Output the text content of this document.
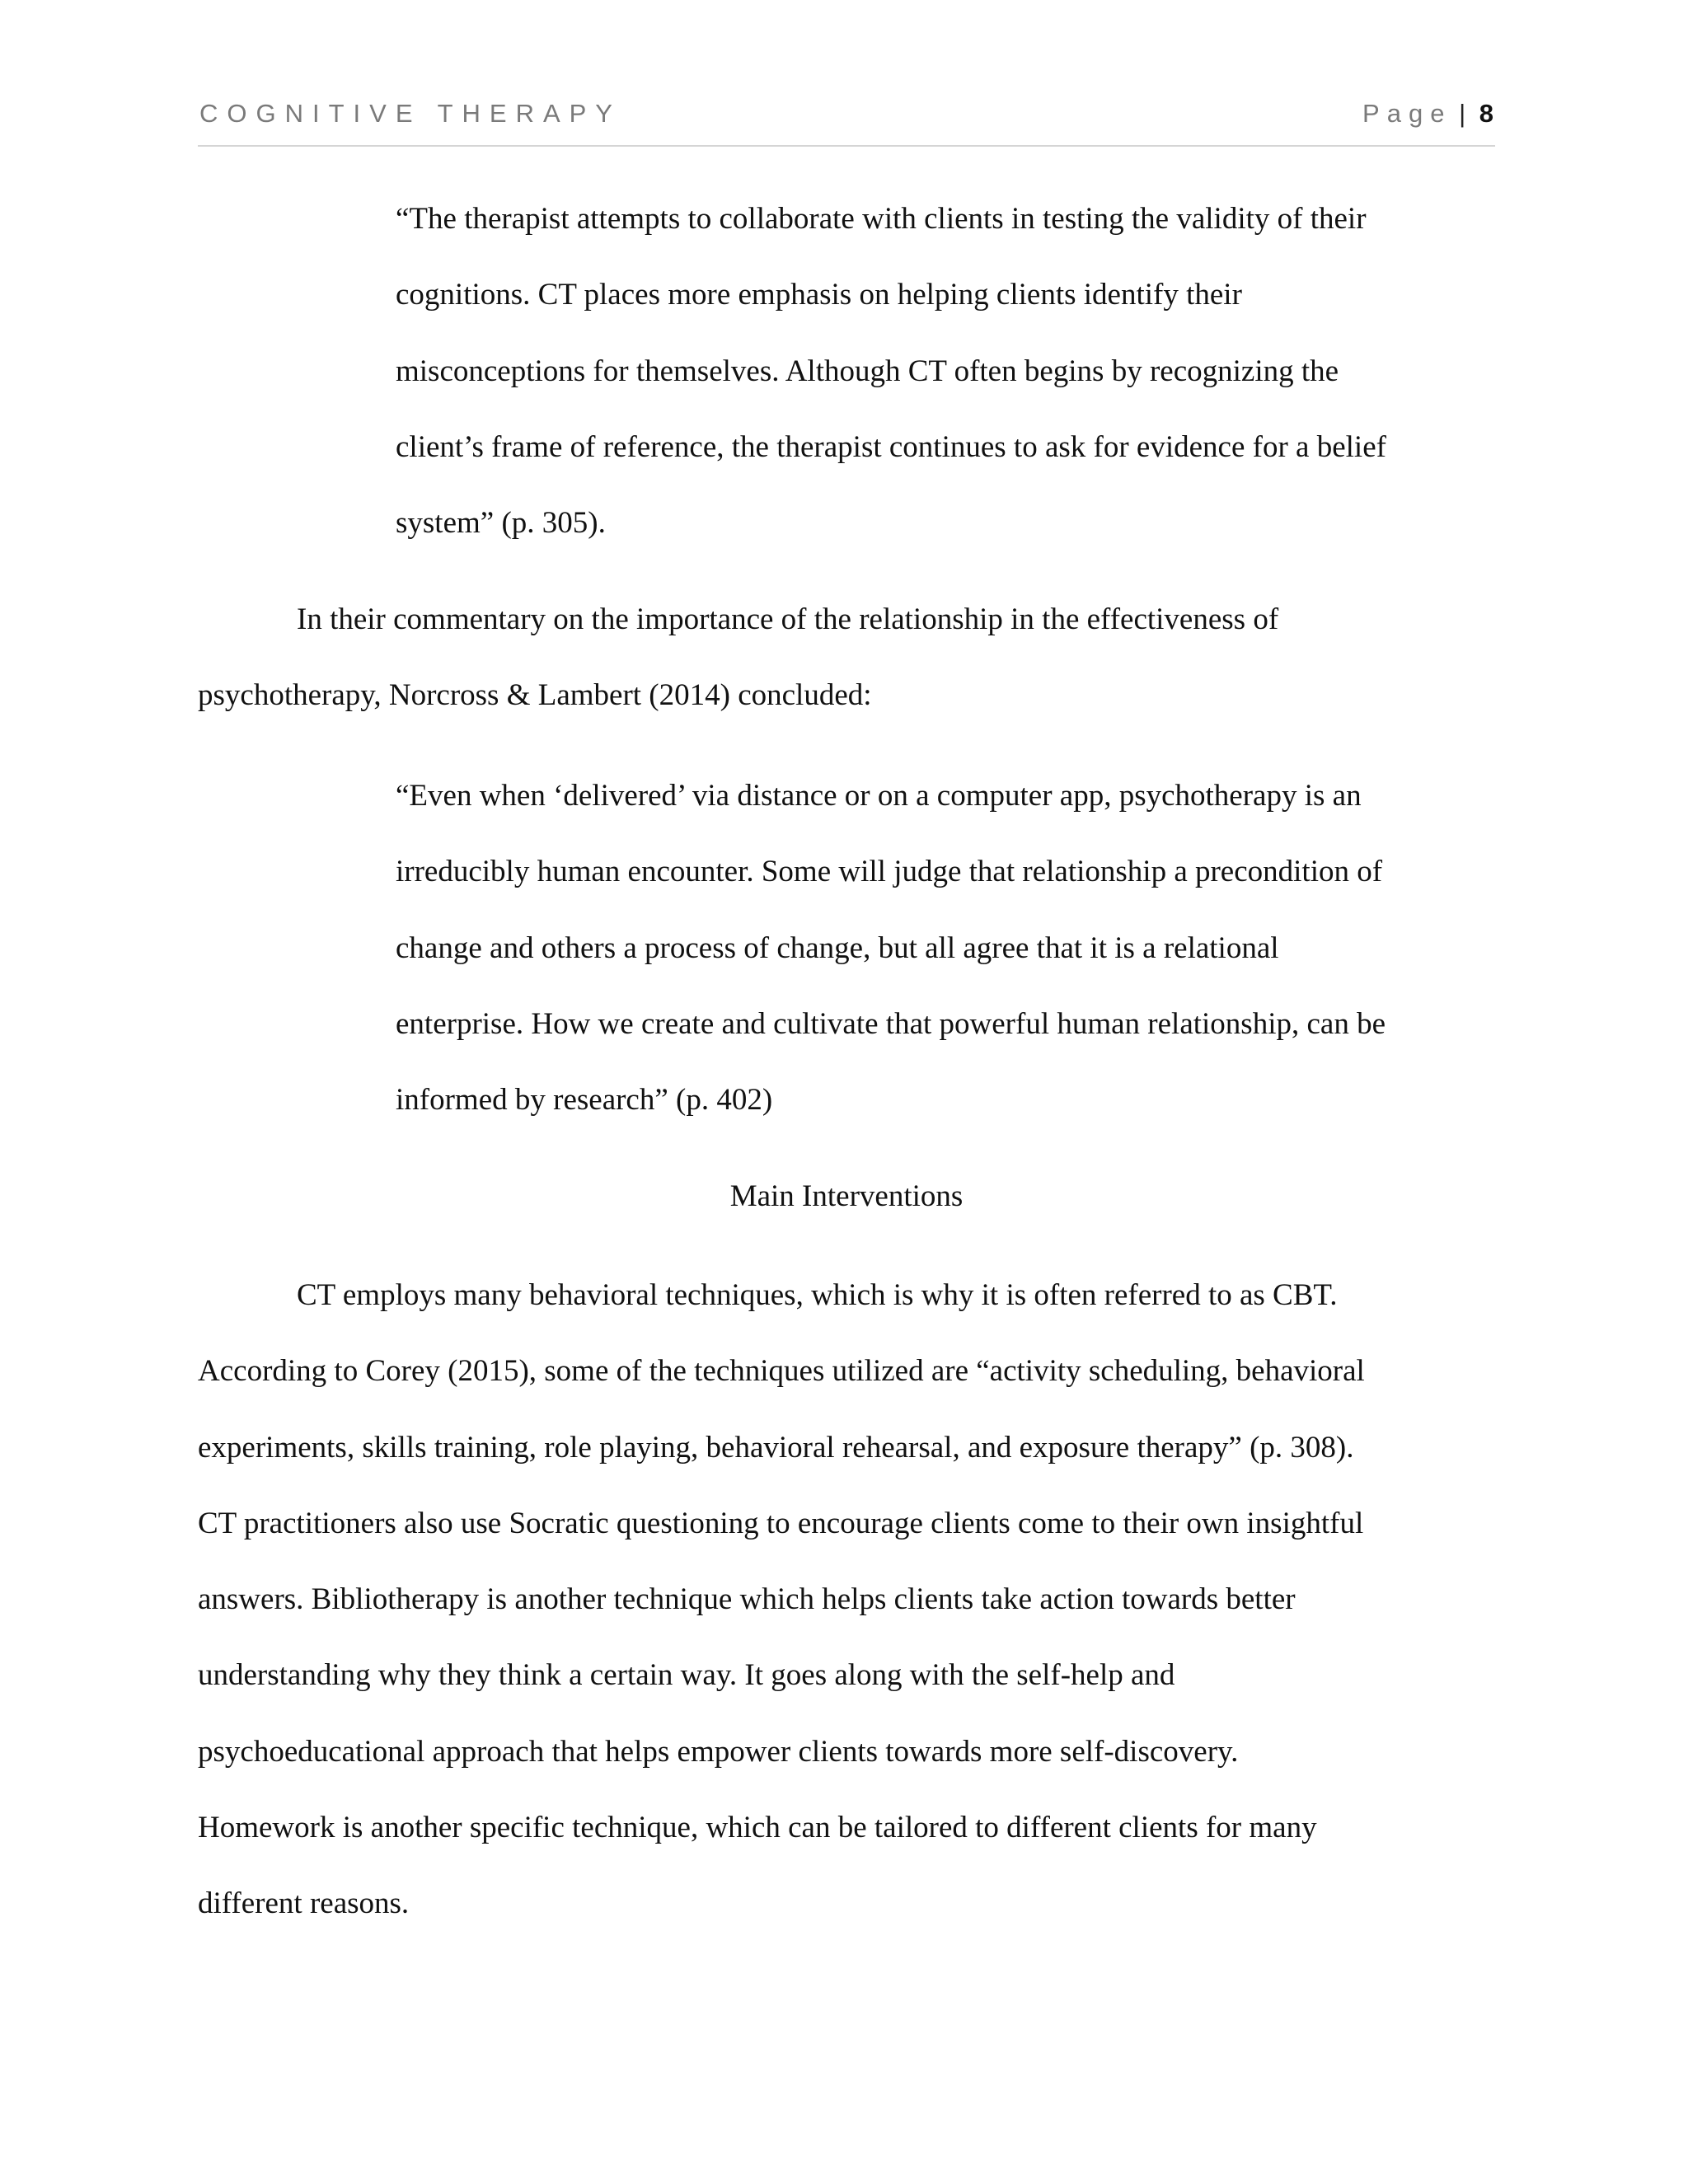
COGNITIVE THERAPY	Page | 8
“The therapist attempts to collaborate with clients in testing the validity of their
cognitions. CT places more emphasis on helping clients identify their
misconceptions for themselves. Although CT often begins by recognizing the
client’s frame of reference, the therapist continues to ask for evidence for a belief
system” (p. 305).
In their commentary on the importance of the relationship in the effectiveness of
psychotherapy, Norcross & Lambert (2014) concluded:
“Even when ‘delivered’ via distance or on a computer app, psychotherapy is an
irreducibly human encounter. Some will judge that relationship a precondition of
change and others a process of change, but all agree that it is a relational
enterprise. How we create and cultivate that powerful human relationship, can be
informed by research” (p. 402)
Main Interventions
CT employs many behavioral techniques, which is why it is often referred to as CBT.
According to Corey (2015), some of the techniques utilized are “activity scheduling, behavioral
experiments, skills training, role playing, behavioral rehearsal, and exposure therapy” (p. 308).
CT practitioners also use Socratic questioning to encourage clients come to their own insightful
answers. Bibliotherapy is another technique which helps clients take action towards better
understanding why they think a certain way. It goes along with the self-help and
psychoeducational approach that helps empower clients towards more self-discovery.
Homework is another specific technique, which can be tailored to different clients for many
different reasons.
